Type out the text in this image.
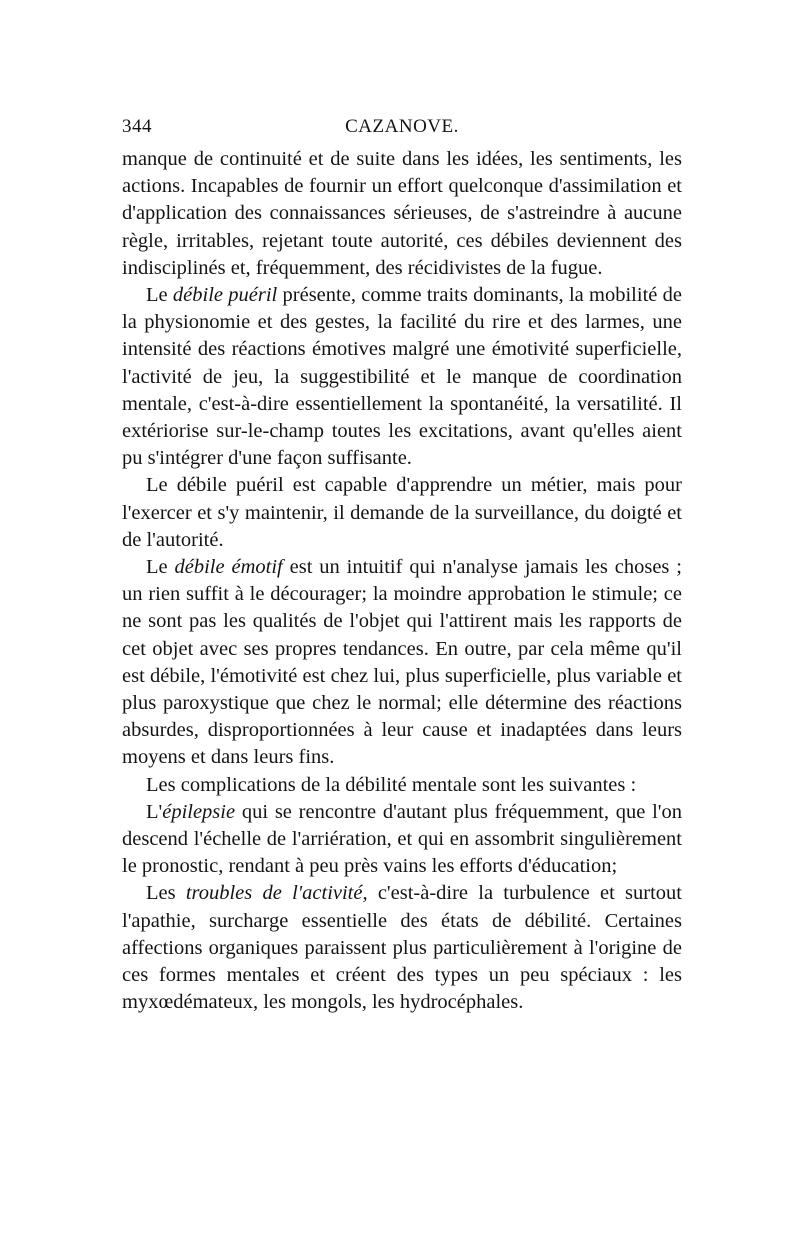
344	CAZANOVE.

manque de continuité et de suite dans les idées, les sentiments, les actions. Incapables de fournir un effort quelconque d'assimilation et d'application des connaissances sérieuses, de s'astreindre à aucune règle, irritables, rejetant toute autorité, ces débiles deviennent des indisciplinés et, fréquemment, des récidivistes de la fugue.

Le débile puéril présente, comme traits dominants, la mobilité de la physionomie et des gestes, la facilité du rire et des larmes, une intensité des réactions émotives malgré une émotivité superficielle, l'activité de jeu, la suggestibilité et le manque de coordination mentale, c'est-à-dire essentiellement la spontanéité, la versatilité. Il extériorise sur-le-champ toutes les excitations, avant qu'elles aient pu s'intégrer d'une façon suffisante.

Le débile puéril est capable d'apprendre un métier, mais pour l'exercer et s'y maintenir, il demande de la surveillance, du doigté et de l'autorité.

Le débile émotif est un intuitif qui n'analyse jamais les choses ; un rien suffit à le décourager; la moindre approbation le stimule; ce ne sont pas les qualités de l'objet qui l'attirent mais les rapports de cet objet avec ses propres tendances. En outre, par cela même qu'il est débile, l'émotivité est chez lui, plus superficielle, plus variable et plus paroxystique que chez le normal; elle détermine des réactions absurdes, disproportionnées à leur cause et inadaptées dans leurs moyens et dans leurs fins.

Les complications de la débilité mentale sont les suivantes :

L'épilepsie qui se rencontre d'autant plus fréquemment, que l'on descend l'échelle de l'arriération, et qui en assombrit singulièrement le pronostic, rendant à peu près vains les efforts d'éducation;

Les troubles de l'activité, c'est-à-dire la turbulence et surtout l'apathie, surcharge essentielle des états de débilité. Certaines affections organiques paraissent plus particulièrement à l'origine de ces formes mentales et créent des types un peu spéciaux : les myxœdémateux, les mongols, les hydrocéphales.
